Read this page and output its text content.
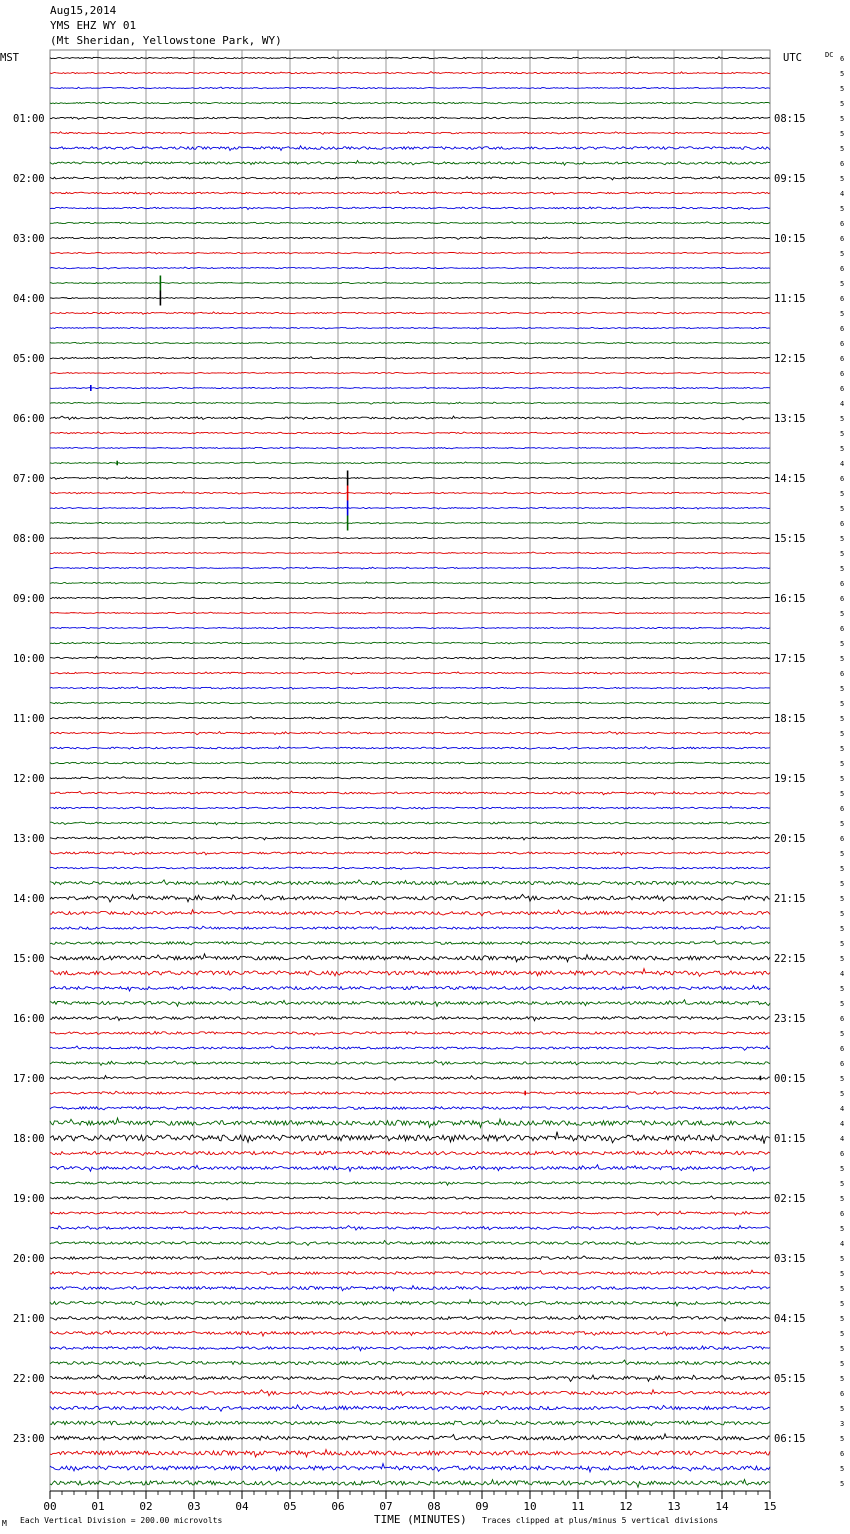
Aug15,2014
YMS EHZ WY 01
(Mt Sheridan, Yellowstone Park, WY)
01:00
02:00
03:00
04:00
05:00
06:00
07:00
08:00
09:00
10:00
11:00
12:00
13:00
14:00
15:00
16:00
17:00
18:00
19:00
20:00
21:00
22:00
23:00
08:15
09:15
10:15
11:15
12:15
13:15
14:15
15:15
16:15
17:15
18:15
19:15
20:15
21:15
22:15
23:15
00:15
01:15
02:15
03:15
04:15
05:15
06:15
6
5
5
5
5
5
5
6
5
4
5
6
6
5
6
5
6
5
6
6
6
6
6
4
5
5
5
4
6
5
5
6
5
5
5
6
6
5
6
5
5
6
5
5
5
5
5
5
5
5
6
5
6
5
5
5
5
5
5
5
5
4
5
5
6
5
6
6
5
5
4
4
4
6
5
5
5
6
5
4
5
5
5
5
5
5
5
5
5
6
5
3
5
6
5
5
00	01	02	03	04	05	06	07	08	09	10	11	12	13	14	15
MST	UTC	DC
TIME (MINUTES)
Each Vertical Division = 200.00 microvolts	Traces clipped at plus/minus 5 vertical divisions
Μ
